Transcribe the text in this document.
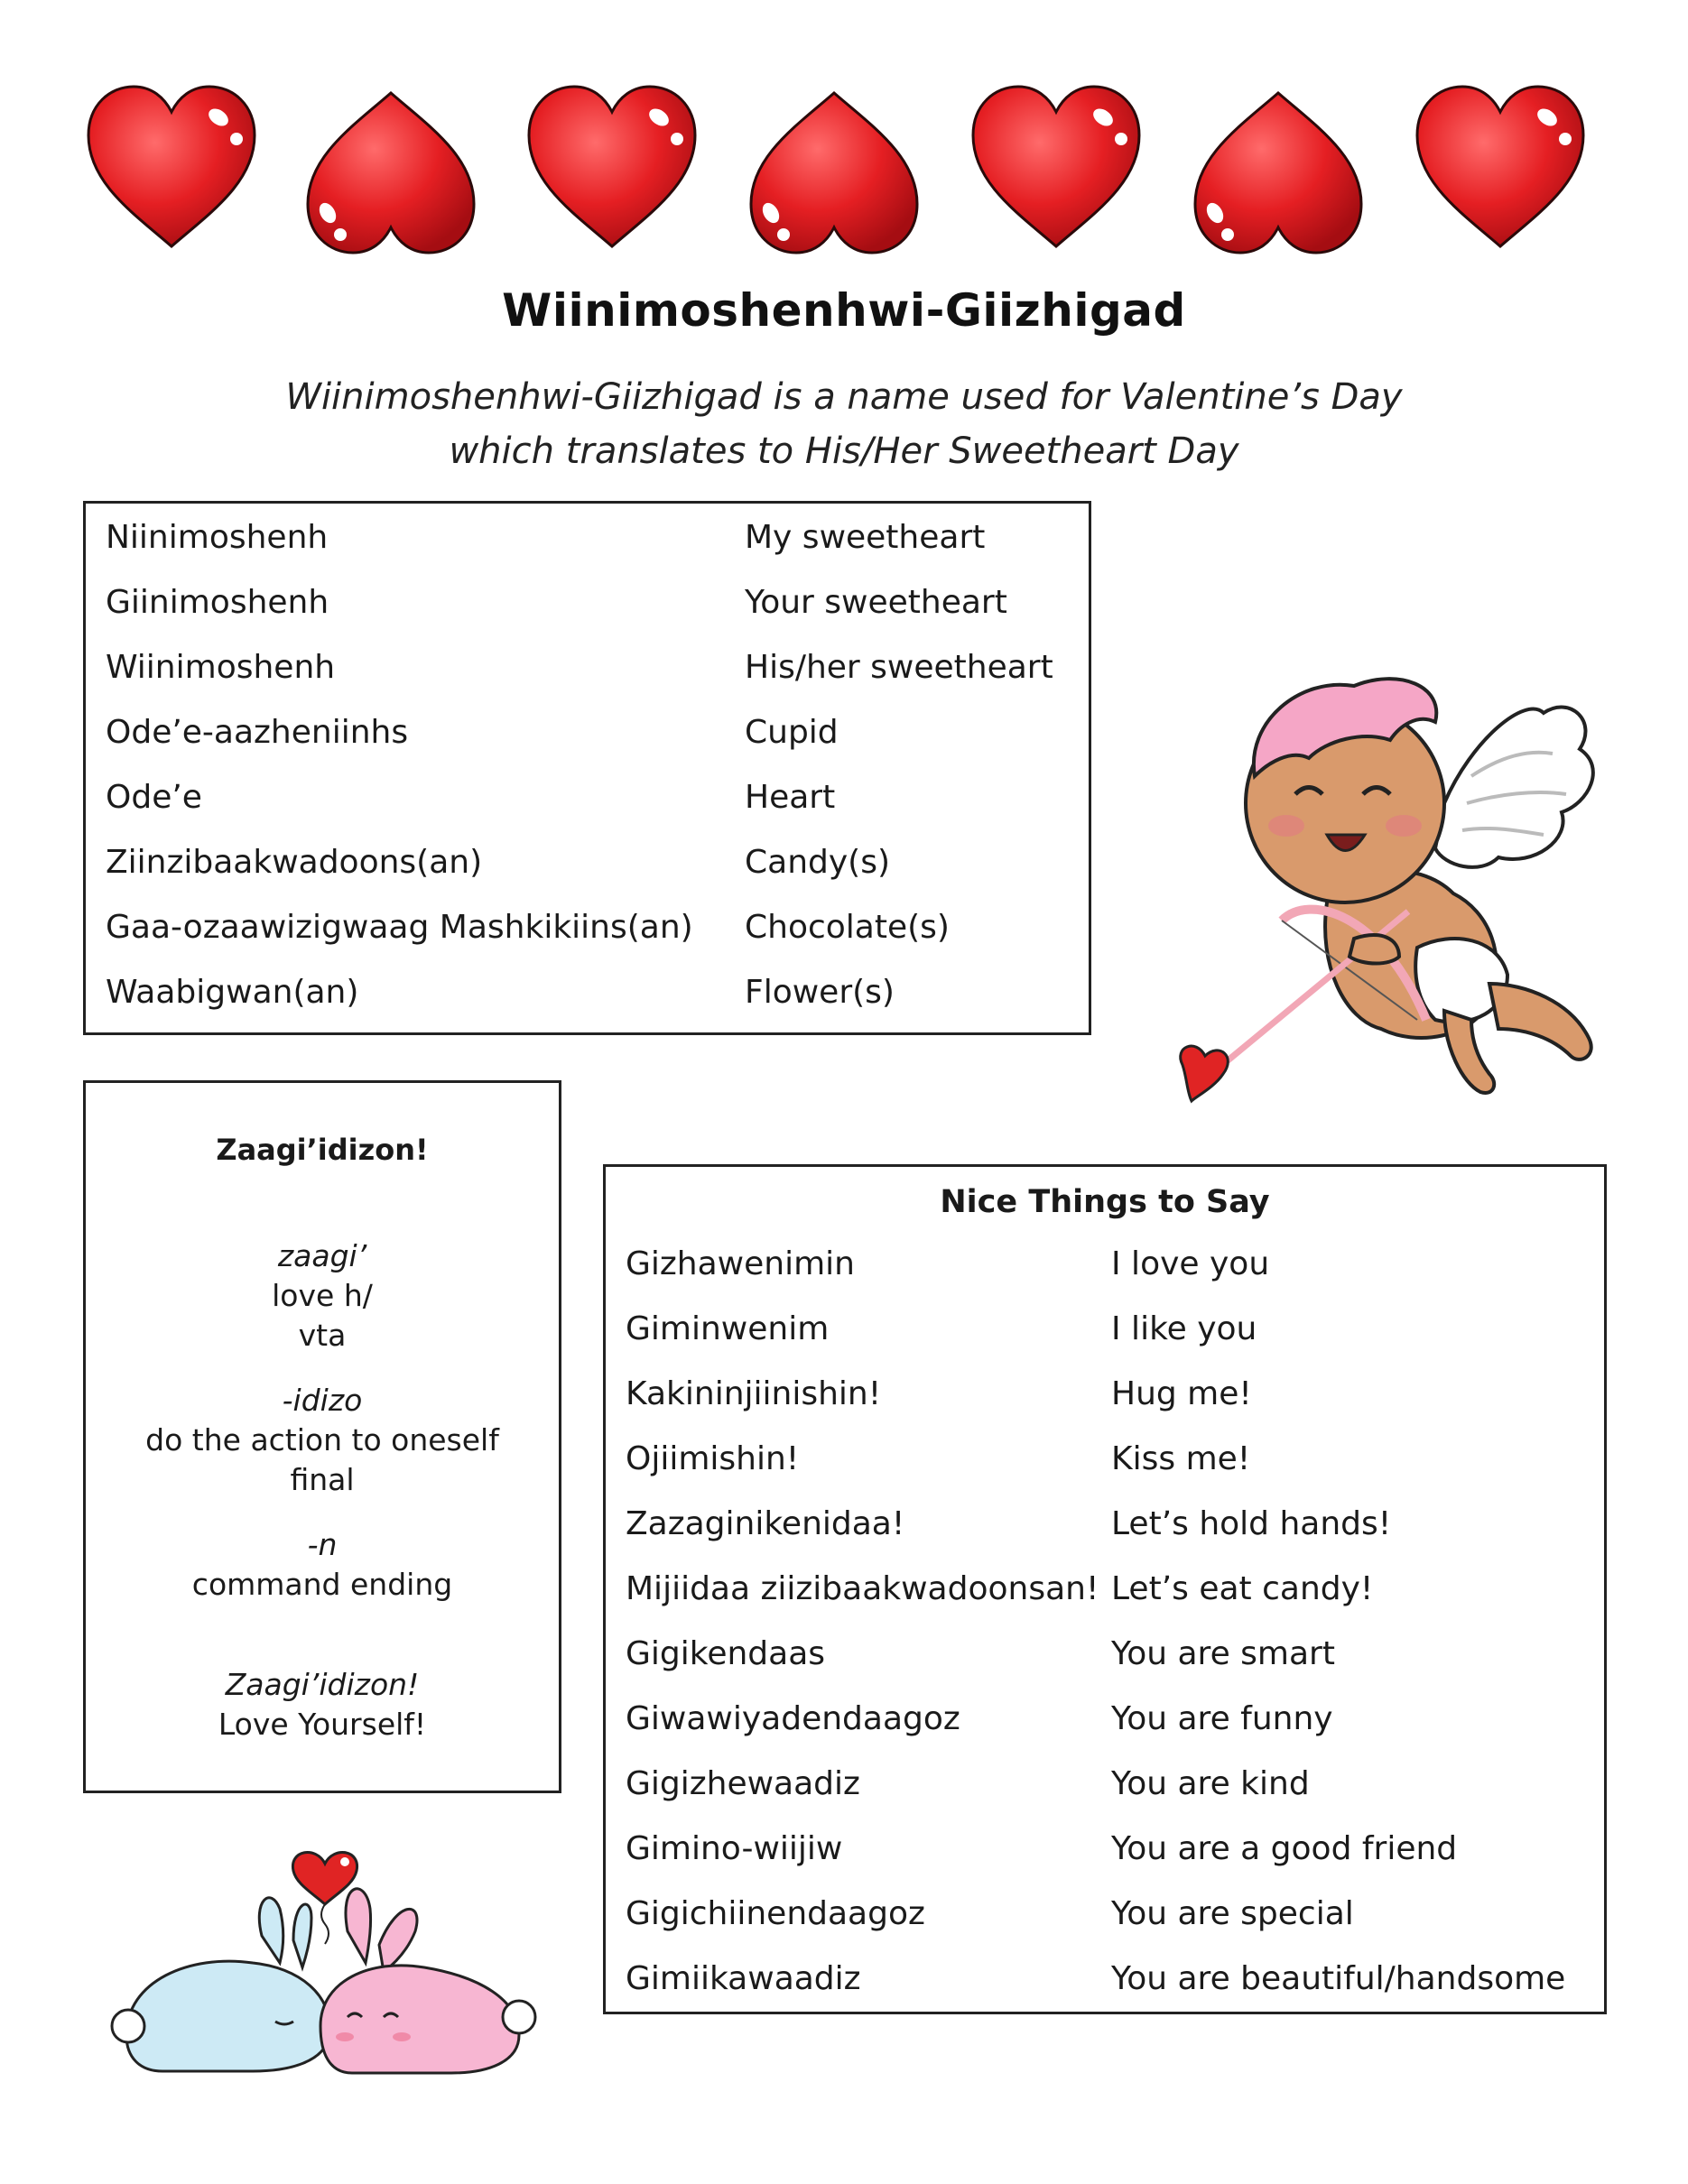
Wiinimoshenhwi-Giizhigad
Wiinimoshenhwi-Giizhigad is a name used for Valentine’s Day
which translates to His/Her Sweetheart Day
Niinimoshenh	My sweetheart
Giinimoshenh	Your sweetheart
Wiinimoshenh	His/her sweetheart
Ode’e-aazheniinhs	Cupid
Ode’e	Heart
Ziinzibaakwadoons(an)	Candy(s)
Gaa-ozaawizigwaag Mashkikiins(an) Chocolate(s)
Waabigwan(an)	Flower(s)
Zaagi’idizon!
zaagi’
love h/
vta
-idizo
do the action to oneself
final
-n
command ending
Zaagi’idizon!
Love Yourself!
Nice Things to Say
Gizhawenimin	I love you
Giminwenim	I like you
Kakininjiinishin!	Hug me!
Ojiimishin!	Kiss me!
Zazaginikenidaa!	Let’s hold hands!
Mijiidaa ziizibaakwadoonsan! Let’s eat candy!
Gigikendaas	You are smart
Giwawiyadendaagoz	You are funny
Gigizhewaadiz	You are kind
Gimino-wiijiw	You are a good friend
Gigichiinendaagoz	You are special
Gimiikawaadiz	You are beautiful/handsome
